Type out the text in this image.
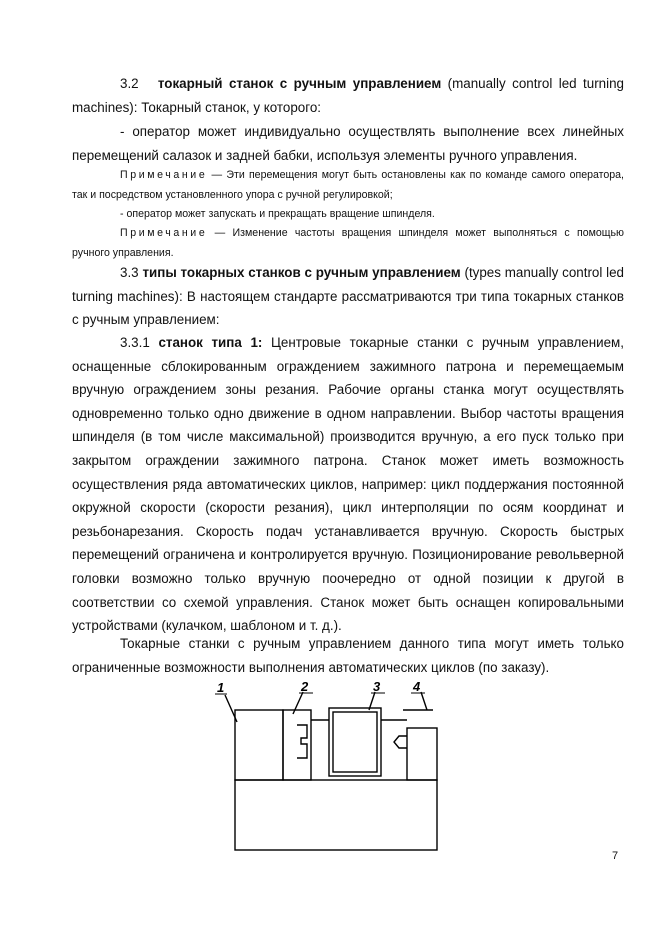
3.2 токарный станок с ручным управлением (manually control led turning machines): Токарный станок, у которого:

- оператор может индивидуально осуществлять выполнение всех линейных перемещений салазок и задней бабки, используя элементы ручного управления.

Примечание — Эти перемещения могут быть остановлены как по команде самого оператора, так и посредством установленного упора с ручной регулировкой;

- оператор может запускать и прекращать вращение шпинделя.

Примечание — Изменение частоты вращения шпинделя может выполняться с помощью ручного управления.

3.3 типы токарных станков с ручным управлением (types manually control led turning machines): В настоящем стандарте рассматриваются три типа токарных станков с ручным управлением:

3.3.1 станок типа 1: Центровые токарные станки с ручным управлением, оснащенные сблокированным ограждением зажимного патрона и перемещаемым вручную ограждением зоны резания. Рабочие органы станка могут осуществлять одновременно только одно движение в одном направлении. Выбор частоты вращения шпинделя (в том числе максимальной) производится вручную, а его пуск только при закрытом ограждении зажимного патрона. Станок может иметь возможность осуществления ряда автоматических циклов, например: цикл поддержания постоянной окружной скорости (скорости резания), цикл интерполяции по осям координат и резьбонарезания. Скорость подач устанавливается вручную. Скорость быстрых перемещений ограничена и контролируется вручную. Позиционирование револьверной головки возможно только вручную поочередно от одной позиции к другой в соответствии со схемой управления. Станок может быть оснащен копировальными устройствами (кулачком, шаблоном и т. д.).

Токарные станки с ручным управлением данного типа могут иметь только ограниченные возможности выполнения автоматических циклов (по заказу).

1	2	3	4
7
